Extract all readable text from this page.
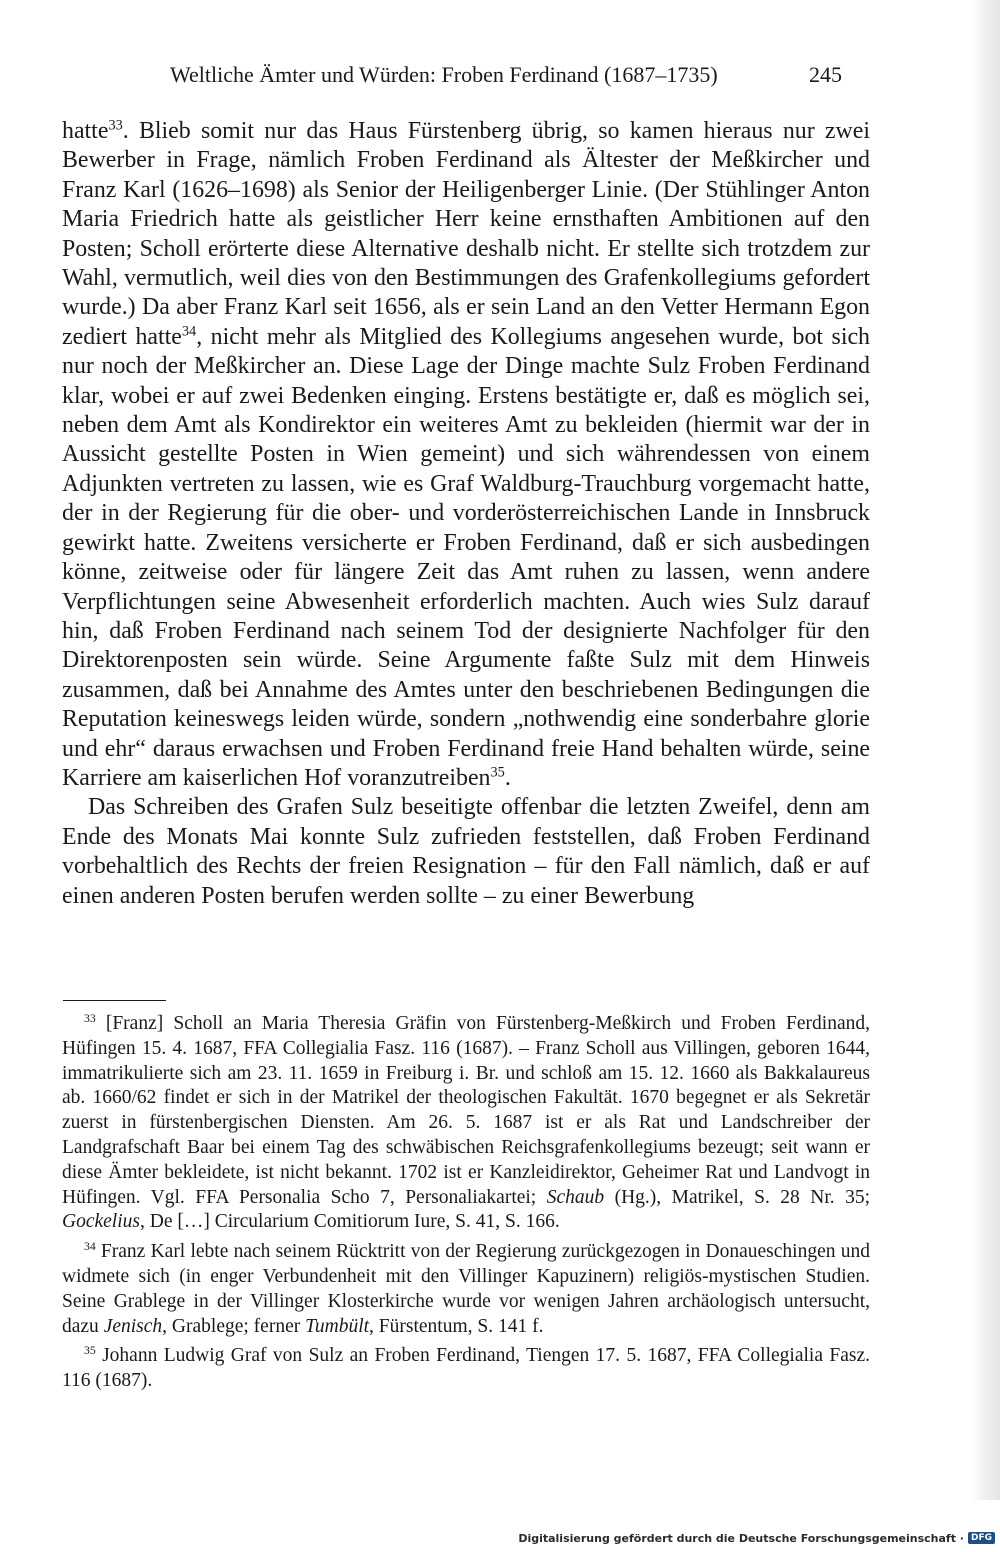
Weltliche Ämter und Würden: Froben Ferdinand (1687–1735)	245

hatte$^{33}$. Blieb somit nur das Haus Fürstenberg übrig, so kamen hieraus nur zwei Bewerber in Frage, nämlich Froben Ferdinand als Ältester der Meßkircher und Franz Karl (1626–1698) als Senior der Heiligenberger Linie. (Der Stühlinger Anton Maria Friedrich hatte als geistlicher Herr keine ernsthaften Ambitionen auf den Posten; Scholl erörterte diese Alternative deshalb nicht. Er stellte sich trotzdem zur Wahl, vermutlich, weil dies von den Bestimmungen des Grafenkollegiums gefordert wurde.) Da aber Franz Karl seit 1656, als er sein Land an den Vetter Hermann Egon zediert hatte$^{34}$, nicht mehr als Mitglied des Kollegiums angesehen wurde, bot sich nur noch der Meßkircher an. Diese Lage der Dinge machte Sulz Froben Ferdinand klar, wobei er auf zwei Bedenken einging. Erstens bestätigte er, daß es möglich sei, neben dem Amt als Kondirektor ein weiteres Amt zu bekleiden (hiermit war der in Aussicht gestellte Posten in Wien gemeint) und sich währendessen von einem Adjunkten vertreten zu lassen, wie es Graf Waldburg-Trauchburg vorgemacht hatte, der in der Regierung für die ober- und vorderösterreichischen Lande in Innsbruck gewirkt hatte. Zweitens versicherte er Froben Ferdinand, daß er sich ausbedingen könne, zeitweise oder für längere Zeit das Amt ruhen zu lassen, wenn andere Verpflichtungen seine Abwesenheit erforderlich machten. Auch wies Sulz darauf hin, daß Froben Ferdinand nach seinem Tod der designierte Nachfolger für den Direktorenposten sein würde. Seine Argumente faßte Sulz mit dem Hinweis zusammen, daß bei Annahme des Amtes unter den beschriebenen Bedingungen die Reputation keineswegs leiden würde, sondern „nothwendig eine sonderbahre glorie und ehr“ daraus erwachsen und Froben Ferdinand freie Hand behalten würde, seine Karriere am kaiserlichen Hof voranzutreiben$^{35}$.

Das Schreiben des Grafen Sulz beseitigte offenbar die letzten Zweifel, denn am Ende des Monats Mai konnte Sulz zufrieden feststellen, daß Froben Ferdinand vorbehaltlich des Rechts der freien Resignation – für den Fall nämlich, daß er auf einen anderen Posten berufen werden sollte – zu einer Bewerbung

$^{33}$ [Franz] Scholl an Maria Theresia Gräfin von Fürstenberg-Meßkirch und Froben Ferdinand, Hüfingen 15. 4. 1687, FFA Collegialia Fasz. 116 (1687). – Franz Scholl aus Villingen, geboren 1644, immatrikulierte sich am 23. 11. 1659 in Freiburg i. Br. und schloß am 15. 12. 1660 als Bakkalaureus ab. 1660/62 findet er sich in der Matrikel der theologischen Fakultät. 1670 begegnet er als Sekretär zuerst in fürstenbergischen Diensten. Am 26. 5. 1687 ist er als Rat und Landschreiber der Landgrafschaft Baar bei einem Tag des schwäbischen Reichsgrafenkollegiums bezeugt; seit wann er diese Ämter bekleidete, ist nicht bekannt. 1702 ist er Kanzleidirektor, Geheimer Rat und Landvogt in Hüfingen. Vgl. FFA Personalia Scho 7, Personaliakartei; Schaub (Hg.), Matrikel, S. 28 Nr. 35; Gockelius, De […] Circularium Comitiorum Iure, S. 41, S. 166.

$^{34}$ Franz Karl lebte nach seinem Rücktritt von der Regierung zurückgezogen in Donaueschingen und widmete sich (in enger Verbundenheit mit den Villinger Kapuzinern) religiös-mystischen Studien. Seine Grablege in der Villinger Klosterkirche wurde vor wenigen Jahren archäologisch untersucht, dazu Jenisch, Grablege; ferner Tumbült, Fürstentum, S. 141 f.

$^{35}$ Johann Ludwig Graf von Sulz an Froben Ferdinand, Tiengen 17. 5. 1687, FFA Collegialia Fasz. 116 (1687).

Digitalisierung gefördert durch die Deutsche Forschungsgemeinschaft · DFG
